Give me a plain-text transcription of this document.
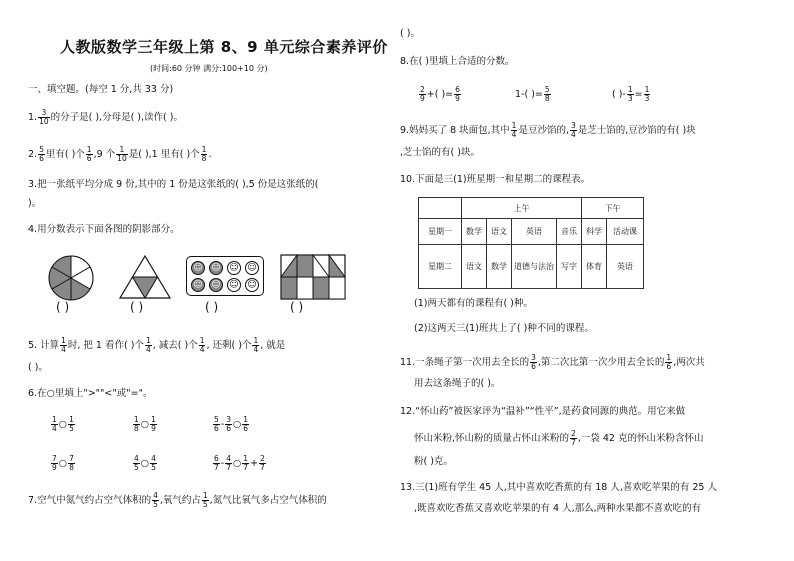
人教版数学三年级上第 8、9 单元综合素养评价
(时间:60 分钟 满分:100+10 分)
一、填空题。(每空 1 分,共 33 分)
1. $\frac{3}{10}$ 的分子是( ),分母是( ),读作( )。
2. $\frac{5}{6}$ 里有( )个 $\frac{1}{6} ,9$ 个 $\frac{1}{10}$ 是( ),1 里有( )个 $\frac{1}{8}$ .
3.把一张纸平均分成 9 份,其中的 1 份是这张纸的( ),5 份是这张纸的(
)。
4.用分数表示下面各图的阴影部分。
☺ ☺ ☺ ☺
☺ ☺ ☺ ☺
( )	( )	( )	( )
5. 计算 $\frac{1}{4}$ 时, 把 1 看作( )个 $\frac{1}{4}$ , 减去( )个 $\frac{1}{4}$ , 还剩( )个 $\frac{1}{4}$ , 就是
( )。
6.在○里填上">""<"或"="。
$\frac{1}{4}$ ○ $\frac{1}{5}$	$\frac{1}{8}$ ○ $\frac{1}{9}$	$\frac{5}{6} - \frac{3}{6}$ ○ $\frac{1}{6}$
$\frac{7}{9}$ ○ $\frac{7}{8}$	$\frac{4}{5}$ ○ $\frac{4}{5}$	$\frac{6}{7} - \frac{4}{7}$ ○ $\frac{1}{7} + \frac{2}{7}$
7.空气中氮气约占空气体积的 $\frac{4}{5}$ ,氧气约占 $\frac{1}{5}$ ,氮气比氧气多占空气体积的
( )。
8.在( )里填上合适的分数。
$\frac{2}{9}$ +( )= $\frac{6}{9}$	1-( )= $\frac{5}{8}$	( )- $\frac{1}{3} = \frac{1}{3}$
9.妈妈买了 8 块面包,其中 $\frac{1}{4}$ 是豆沙馅的, $\frac{3}{4}$ 是芝士馅的,豆沙馅的有( )块
,芝士馅的有( )块。
10.下面是三(1)班星期一和星期二的课程表。
	上午				下午	
星期一	数学	语文	英语	音乐	科学	活动课
星期二	语文	数学	道德与法治	写字	体育	英语
(1)两天都有的课程有( )种。
(2)这两天三(1)班共上了( )种不同的课程。
11.一条绳子第一次用去全长的 $\frac{3}{6}$ ,第二次比第一次少用去全长的 $\frac{1}{6}$ ,两次共
用去这条绳子的( )。
12.“怀山药”被医家评为“温补”“性平”,是药食同源的典范。用它来做
怀山米粉,怀山粉的质量占怀山米粉的 $\frac{2}{7}$ ,一袋 42 克的怀山米粉含怀山
粉( )克。
13.三(1)班有学生 45 人,其中喜欢吃香蕉的有 18 人,喜欢吃苹果的有 25 人
,既喜欢吃香蕉又喜欢吃苹果的有 4 人,那么,两种水果都不喜欢吃的有
